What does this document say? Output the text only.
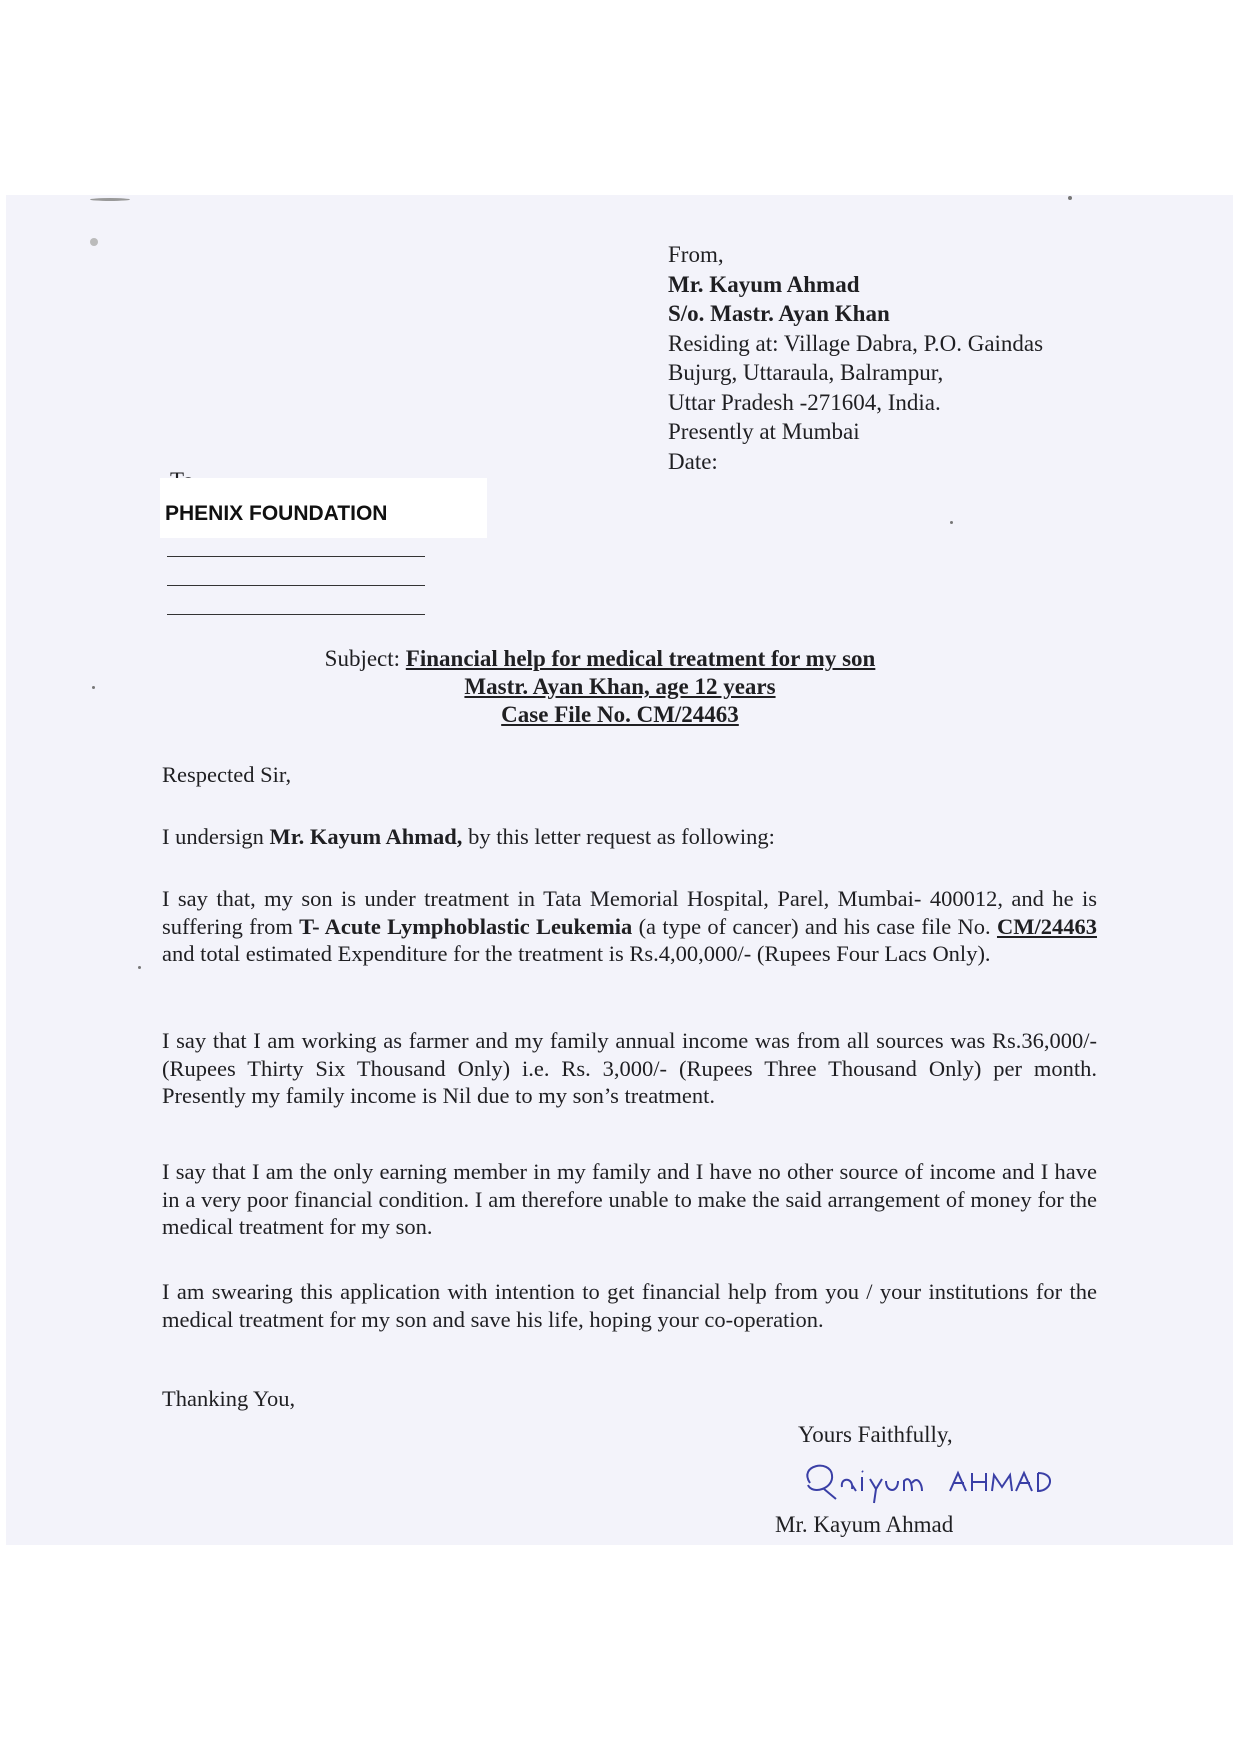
From,
Mr. Kayum Ahmad
S/o. Mastr. Ayan Khan
Residing at: Village Dabra, P.O. Gaindas
Bujurg, Uttaraula, Balrampur,
Uttar Pradesh -271604, India.
Presently at Mumbai
Date:
PHENIX FOUNDATION
Subject: Financial help for medical treatment for my son
Mastr. Ayan Khan, age 12 years
Case File No. CM/24463
Respected Sir,
I undersign Mr. Kayum Ahmad, by this letter request as following:
I say that, my son is under treatment in Tata Memorial Hospital, Parel, Mumbai- 400012, and he is suffering from T- Acute Lymphoblastic Leukemia (a type of cancer) and his case file No. CM/24463 and total estimated Expenditure for the treatment is Rs.4,00,000/- (Rupees Four Lacs Only).
I say that I am working as farmer and my family annual income was from all sources was Rs.36,000/- (Rupees Thirty Six Thousand Only) i.e. Rs. 3,000/- (Rupees Three Thousand Only) per month. Presently my family income is Nil due to my son’s treatment.
I say that I am the only earning member in my family and I have no other source of income and I have in a very poor financial condition. I am therefore unable to make the said arrangement of money for the medical treatment for my son.
I am swearing this application with intention to get financial help from you / your institutions for the medical treatment for my son and save his life, hoping your co-operation.
Thanking You,
Yours Faithfully,
Mr. Kayum Ahmad
